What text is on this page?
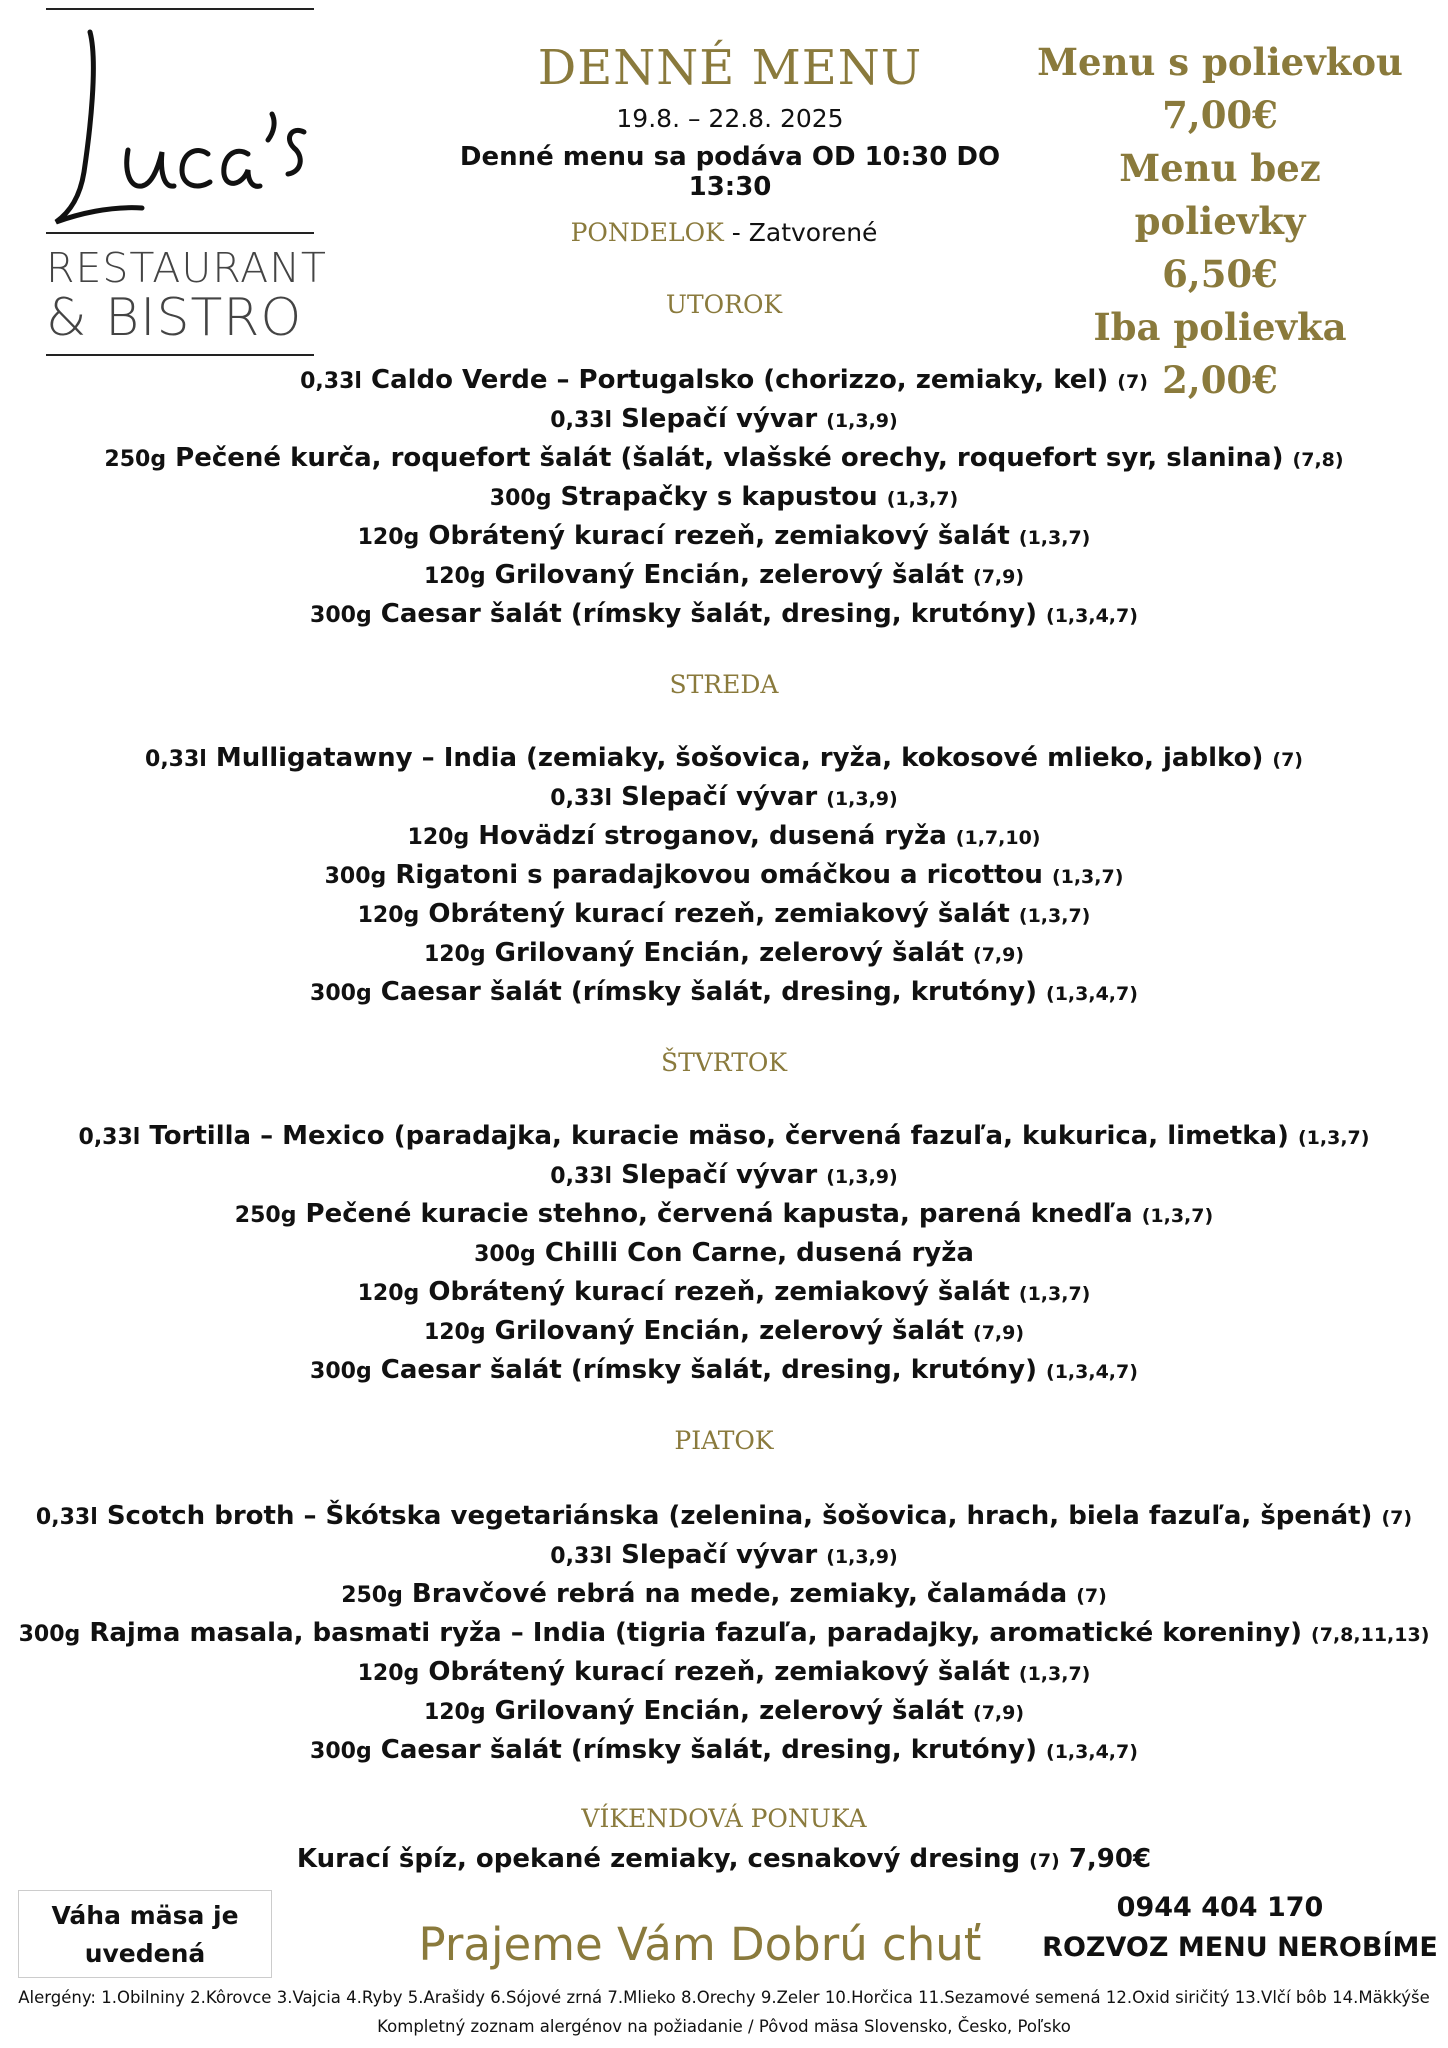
RESTAURANT
& BISTRO
DENNÉ MENU
19.8. – 22.8. 2025
Denné menu sa podáva OD 10:30 DO 13:30
Menu s polievkou
7,00€
Menu bez polievky
6,50€
Iba polievka
2,00€
PONDELOK - Zatvorené
UTOROK
0,33l Caldo Verde – Portugalsko (chorizzo, zemiaky, kel) (7)
0,33l Slepačí vývar (1,3,9)
250g Pečené kurča, roquefort šalát (šalát, vlašské orechy, roquefort syr, slanina) (7,8)
300g Strapačky s kapustou (1,3,7)
120g Obrátený kurací rezeň, zemiakový šalát (1,3,7)
120g Grilovaný Encián, zelerový šalát (7,9)
300g Caesar šalát (rímsky šalát, dresing, krutóny) (1,3,4,7)
STREDA
0,33l Mulligatawny – India (zemiaky, šošovica, ryža, kokosové mlieko, jablko) (7)
0,33l Slepačí vývar (1,3,9)
120g Hovädzí stroganov, dusená ryža (1,7,10)
300g Rigatoni s paradajkovou omáčkou a ricottou (1,3,7)
120g Obrátený kurací rezeň, zemiakový šalát (1,3,7)
120g Grilovaný Encián, zelerový šalát (7,9)
300g Caesar šalát (rímsky šalát, dresing, krutóny) (1,3,4,7)
ŠTVRTOK
0,33l Tortilla – Mexico (paradajka, kuracie mäso, červená fazuľa, kukurica, limetka) (1,3,7)
0,33l Slepačí vývar (1,3,9)
250g Pečené kuracie stehno, červená kapusta, parená knedľa (1,3,7)
300g Chilli Con Carne, dusená ryža
120g Obrátený kurací rezeň, zemiakový šalát (1,3,7)
120g Grilovaný Encián, zelerový šalát (7,9)
300g Caesar šalát (rímsky šalát, dresing, krutóny) (1,3,4,7)
PIATOK
0,33l Scotch broth – Škótska vegetariánska (zelenina, šošovica, hrach, biela fazuľa, špenát) (7)
0,33l Slepačí vývar (1,3,9)
250g Bravčové rebrá na mede, zemiaky, čalamáda (7)
300g Rajma masala, basmati ryža – India (tigria fazuľa, paradajky, aromatické koreniny) (7,8,11,13)
120g Obrátený kurací rezeň, zemiakový šalát (1,3,7)
120g Grilovaný Encián, zelerový šalát (7,9)
300g Caesar šalát (rímsky šalát, dresing, krutóny) (1,3,4,7)
VÍKENDOVÁ PONUKA
Kurací špíz, opekané zemiaky, cesnakový dresing (7) 7,90€
Váha mäsa je
uvedená	Prajeme Vám Dobrú chuť
0944 404 170
ROZVOZ MENU NEROBÍME
Alergény: 1.Obilniny 2.Kôrovce 3.Vajcia 4.Ryby 5.Arašidy 6.Sójové zrná 7.Mlieko 8.Orechy 9.Zeler 10.Horčica 11.Sezamové semená 12.Oxid siričitý 13.Vlčí bôb 14.Mäkkýše
Kompletný zoznam alergénov na požiadanie / Pôvod mäsa Slovensko, Česko, Poľsko
